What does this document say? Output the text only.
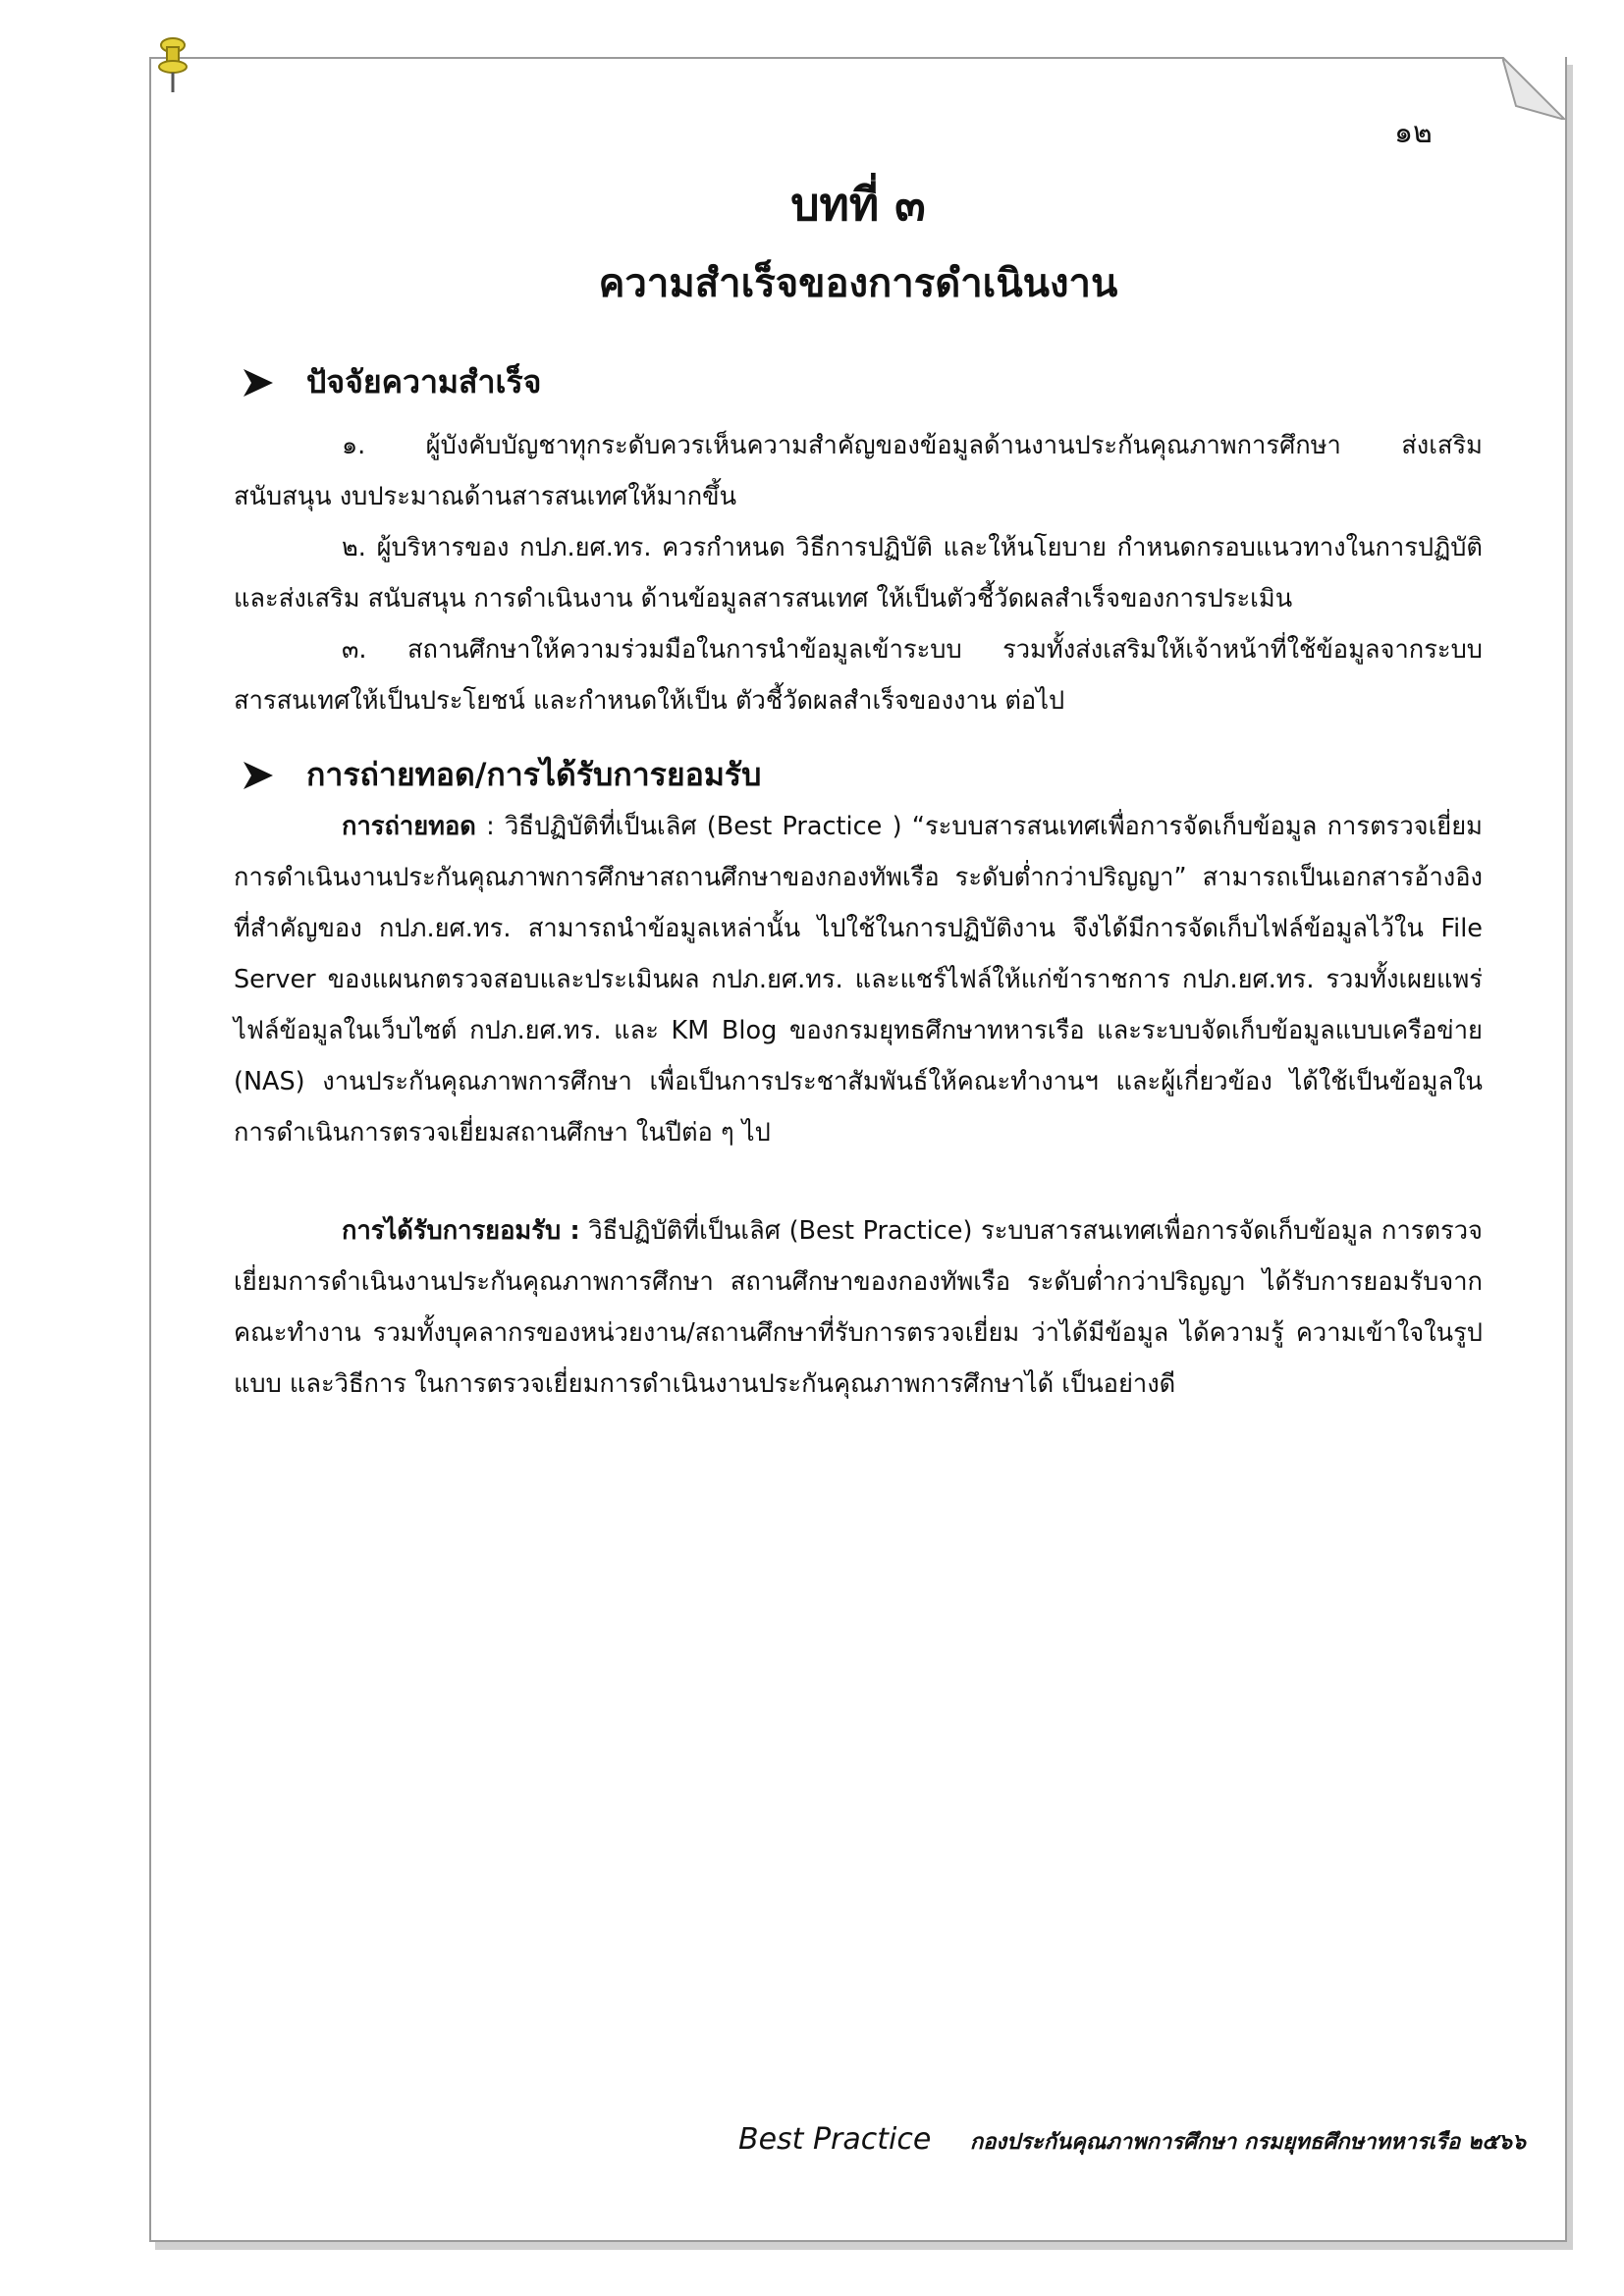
๑๒
บทที่ ๓
ความสำเร็จของการดำเนินงาน
ปัจจัยความสำเร็จ

๑. ผู้บังคับบัญชาทุกระดับควรเห็นความสำคัญของข้อมูลด้านงานประกันคุณภาพการศึกษา ส่งเสริม สนับสนุน งบประมาณด้านสารสนเทศให้มากขึ้น

๒. ผู้บริหารของ กปภ.ยศ.ทร. ควรกำหนด วิธีการปฏิบัติ และให้นโยบาย กำหนดกรอบแนวทางในการปฏิบัติ และส่งเสริม สนับสนุน การดำเนินงาน ด้านข้อมูลสารสนเทศ ให้เป็นตัวชี้วัดผลสำเร็จของการประเมิน

๓. สถานศึกษาให้ความร่วมมือในการนำข้อมูลเข้าระบบ รวมทั้งส่งเสริมให้เจ้าหน้าที่ใช้ข้อมูลจากระบบสารสนเทศให้เป็นประโยชน์ และกำหนดให้เป็น ตัวชี้วัดผลสำเร็จของงาน ต่อไป

การถ่ายทอด/การได้รับการยอมรับ

การถ่ายทอด : วิธีปฏิบัติที่เป็นเลิศ (Best Practice ) “ระบบสารสนเทศเพื่อการจัดเก็บข้อมูล การตรวจเยี่ยมการดำเนินงานประกันคุณภาพการศึกษาสถานศึกษาของกองทัพเรือ ระดับต่ำกว่าปริญญา” สามารถเป็นเอกสารอ้างอิงที่สำคัญของ กปภ.ยศ.ทร. สามารถนำข้อมูลเหล่านั้น ไปใช้ในการปฏิบัติงาน จึงได้มีการจัดเก็บไฟล์ข้อมูลไว้ใน File Server ของแผนกตรวจสอบและประเมินผล กปภ.ยศ.ทร. และแชร์ไฟล์ให้แก่ข้าราชการ กปภ.ยศ.ทร. รวมทั้งเผยแพร่ไฟล์ข้อมูลในเว็บไซต์ กปภ.ยศ.ทร. และ KM Blog ของกรมยุทธศึกษาทหารเรือ และระบบจัดเก็บข้อมูลแบบเครือข่าย (NAS) งานประกันคุณภาพการศึกษา เพื่อเป็นการประชาสัมพันธ์ให้คณะทำงานฯ และผู้เกี่ยวข้อง ได้ใช้เป็นข้อมูลในการดำเนินการตรวจเยี่ยมสถานศึกษา ในปีต่อ ๆ ไป

การได้รับการยอมรับ : วิธีปฏิบัติที่เป็นเลิศ (Best Practice) ระบบสารสนเทศเพื่อการจัดเก็บข้อมูล การตรวจเยี่ยมการดำเนินงานประกันคุณภาพการศึกษา สถานศึกษาของกองทัพเรือ ระดับต่ำกว่าปริญญา ได้รับการยอมรับจากคณะทำงาน รวมทั้งบุคลากรของหน่วยงาน/สถานศึกษาที่รับการตรวจเยี่ยม ว่าได้มีข้อมูล ได้ความรู้ ความเข้าใจในรูปแบบ และวิธีการ ในการตรวจเยี่ยมการดำเนินงานประกันคุณภาพการศึกษาได้ เป็นอย่างดี

Best Practice กองประกันคุณภาพการศึกษา กรมยุทธศึกษาทหารเรือ ๒๕๖๖
